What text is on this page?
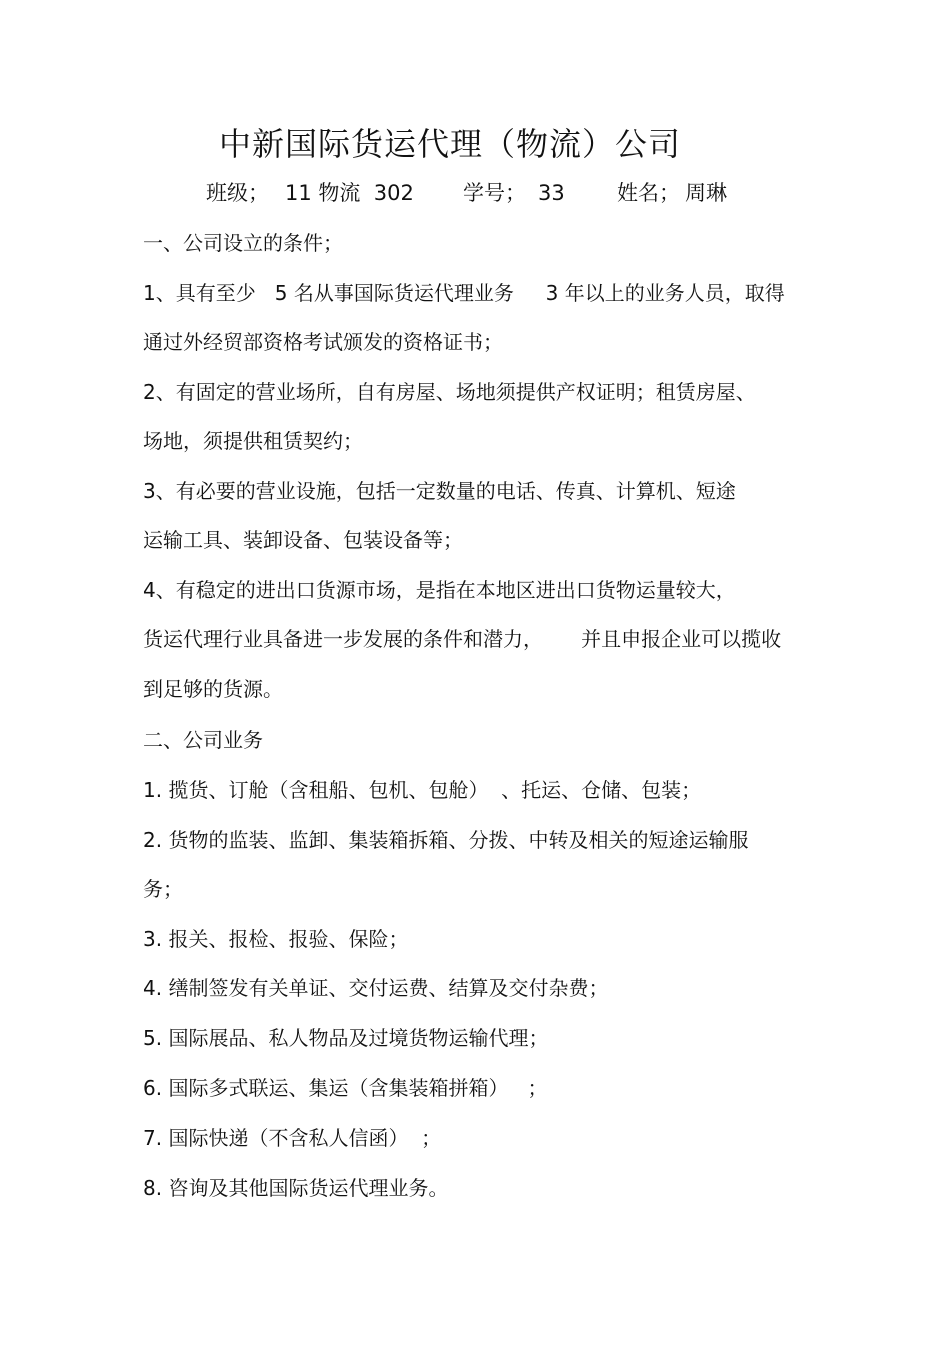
中新国际货运代理（物流）公司
班级； 11 物流  302 学号； 33 姓名； 周琳
一、公司设立的条件；
1、具有至少   5 名从事国际货运代理业务     3 年以上的业务人员，取得
通过外经贸部资格考试颁发的资格证书；
2、有固定的营业场所，自有房屋、场地须提供产权证明；租赁房屋、
场地，须提供租赁契约；
3、有必要的营业设施，包括一定数量的电话、传真、计算机、短途
运输工具、装卸设备、包装设备等；
4、有稳定的进出口货源市场，是指在本地区进出口货物运量较大，
货运代理行业具备进一步发展的条件和潜力，      并且申报企业可以揽收
到足够的货源。
二、公司业务
1. 揽货、订舱（含租船、包机、包舱）  、托运、仓储、包装；
2. 货物的监装、监卸、集装箱拆箱、分拨、中转及相关的短途运输服
务；
3. 报关、报检、报验、保险；
4. 缮制签发有关单证、交付运费、结算及交付杂费；
5. 国际展品、私人物品及过境货物运输代理；
6. 国际多式联运、集运（含集装箱拼箱）   ；
7. 国际快递（不含私人信函）  ；
8. 咨询及其他国际货运代理业务。
